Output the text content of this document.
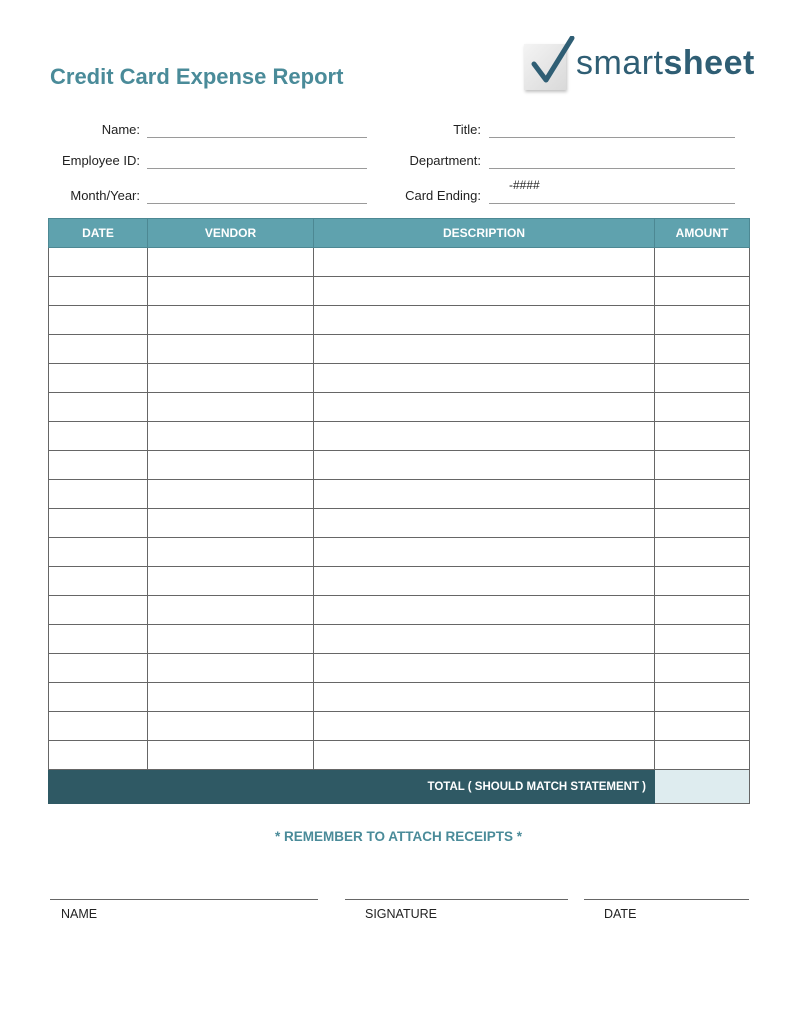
Credit Card Expense Report	smartsheet
Name:
Employee ID:
Month/Year:
Title:
Department:
Card Ending:
-####
DATE	VENDOR	DESCRIPTION	AMOUNT

TOTAL ( SHOULD MATCH STATEMENT )			
* REMEMBER TO ATTACH RECEIPTS *
NAME	SIGNATURE	DATE
